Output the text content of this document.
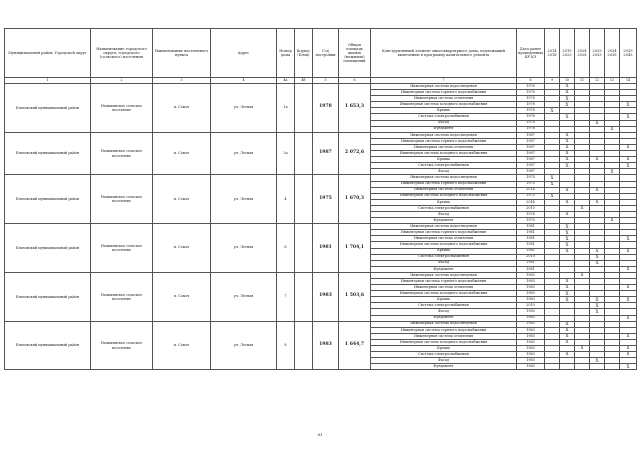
Муниципальный район, Городской округ	Наименование городского округа, городского (сельского) поселения	Наименование населенного пункта	Адрес	Номер дома	Корпус (Блок)	Год постройки	Общая площадь жилых (нежилых) помещений	Конструктивный элемент многоквартирного дома, подлежащий включению в программу капитального ремонта	Дата ранее проведенных КР КЭ	2014 2018	2019 2023	2024 2028	2029 2033	2034 2038	2039 2043
1	2	3	4	4а	4б	5	6	7	8	9	10	11	12	13	14
Елизовский муниципальный район	Начикинское сельское поселение	п. Сокоч	ул. Лесная	1а		1978	1 653,3	Инженерная система водоотведения	1978		X				
								Инженерная система горячего водоснабжения	1978		X				
								Инженерная система отопления	1978		X				
								Инженерная система холодного водоснабжения	1978		X				X
								Крыша	1978	X					
								Система электроснабжения	1978		X				X
								Фасад	1978				X		
								Фундамент	1978					X	
Елизовский муниципальный район	Начикинское сельское поселение	п. Сокоч	ул. Лесная	3а		1987	2 072,6	Инженерная система водоотведения	1987		X				
								Инженерная система горячего водоснабжения	1987		X				
								Инженерная система отопления	1987		X				X
								Инженерная система холодного водоснабжения	1987		X				
								Крыша	1987		X		X		X
								Система электроснабжения	1987		X				X
								Фасад	1987					X	
Елизовский муниципальный район	Начикинское сельское поселение	п. Сокоч	ул. Лесная	4		1975	1 670,3	Инженерная система водоотведения	1975	X					
								Инженерная система горячего водоснабжения	1975	X					
								Инженерная система отопления	2014		X		X		
								Инженерная система холодного водоснабжения	1975	X					
								Крыша	2014		X		X		
								Система электроснабжения	2010			X			
								Фасад	1976		X				
								Фундамент	1975					X	
Елизовский муниципальный район	Начикинское сельское поселение	п. Сокоч	ул. Лесная	6		1981	1 704,1	Инженерная система водоотведения	1981		X				
								Инженерная система горячего водоснабжения	1981		X				
								Инженерная система отопления	1981		X				X
								Инженерная система холодного водоснабжения	1981		X				
								Крыша	1981		X		X		X
								Система электроснабжения	2010				X		
								Фасад	1981				X		
								Фундамент	1981						X
Елизовский муниципальный район	Начикинское сельское поселение	п. Сокоч	ул. Лесная	7		1983	1 503,6	Инженерная система водоотведения	1983			X			
								Инженерная система горячего водоснабжения	1983		X				
								Инженерная система отопления	1983		X				X
								Инженерная система холодного водоснабжения	1983		X				
								Крыша	1983		X		X		X
								Система электроснабжения	2010				X		
								Фасад	1983				X		
								Фундамент	1983						X
Елизовский муниципальный район	Начикинское сельское поселение	п. Сокоч	ул. Лесная	8		1983	1 644,7	Инженерная система водоотведения	1983		X				
								Инженерная система горячего водоснабжения	1983		X				
								Инженерная система отопления	1983		X				X
								Инженерная система холодного водоснабжения	1983		X				
								Крыша	1983			X			X
								Система электроснабжения	1983		X				X
								Фасад	1983				X		
								Фундамент	1983						X
81
